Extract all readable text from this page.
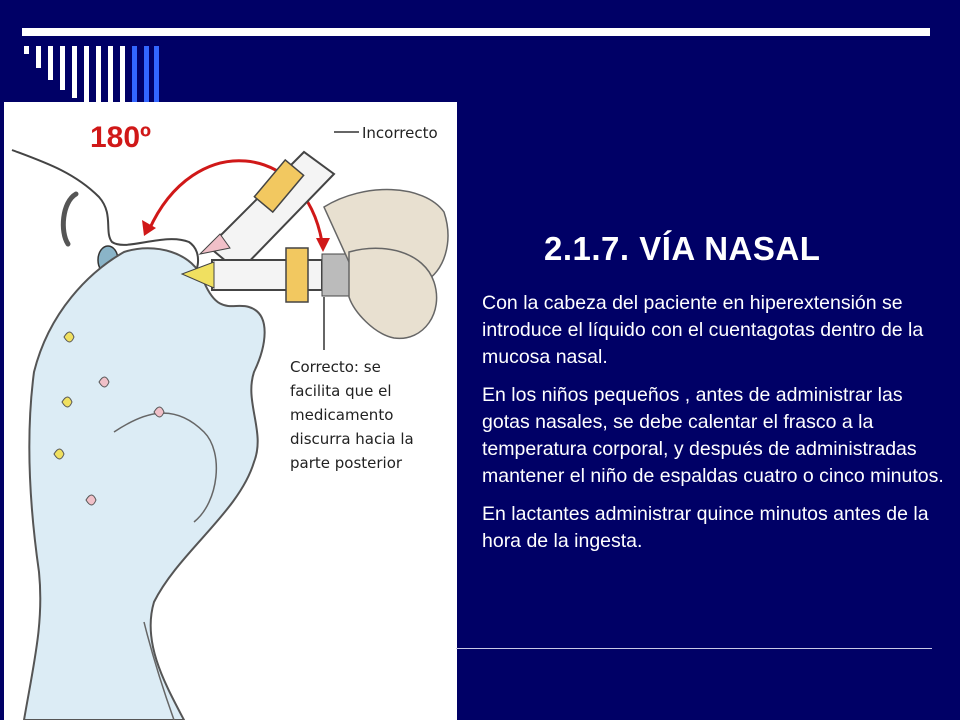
180º	Incorrecto
Correcto: se
facilita que el
medicamento
discurra hacia la
parte posterior
2.1.7. VÍA NASAL

Con la cabeza del paciente en hiperextensión se introduce el líquido con el cuentagotas dentro de la mucosa nasal.

En los niños pequeños , antes de administrar las gotas nasales, se debe calentar el frasco a la temperatura corporal, y después de administradas mantener el niño de espaldas cuatro o cinco minutos.

En lactantes administrar quince minutos antes de la hora de la ingesta.
